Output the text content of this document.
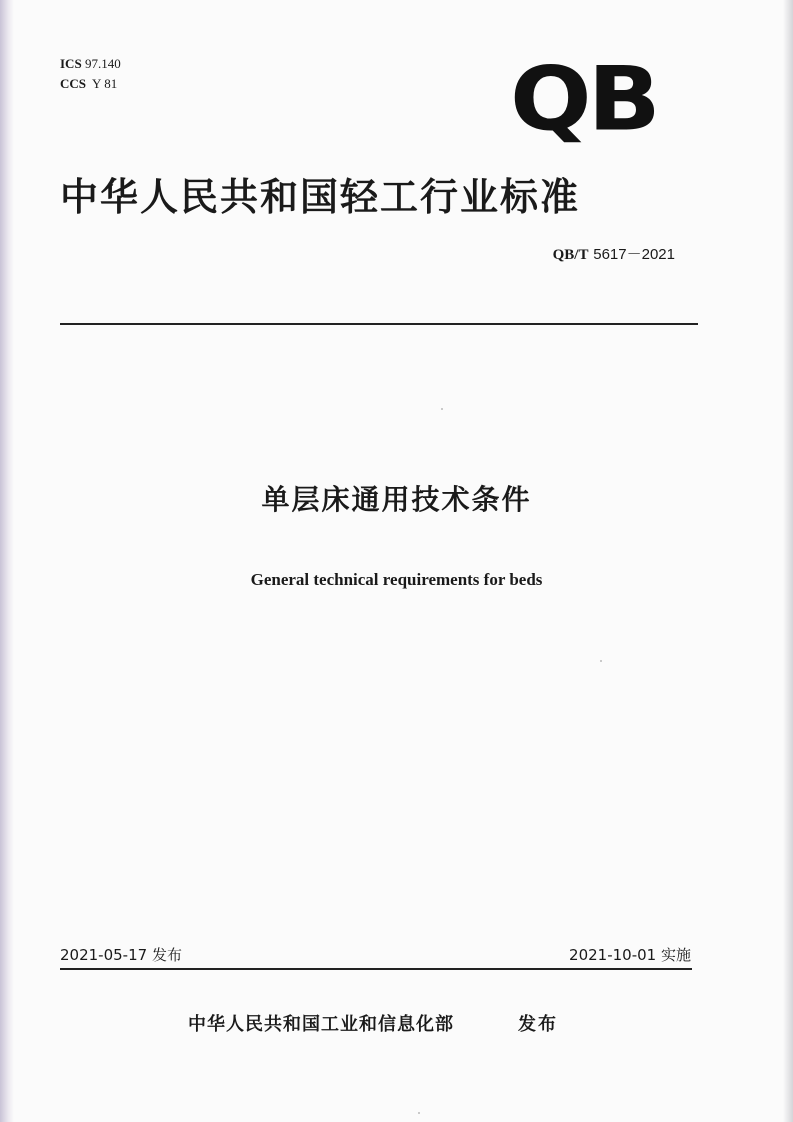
ICS 97.140
CCS Y 81	QB
中华人民共和国轻工行业标准
QB/T 5617－2021
单层床通用技术条件
General technical requirements for beds
2021-05-17 发布	2021-10-01 实施
中华人民共和国工业和信息化部	发布
